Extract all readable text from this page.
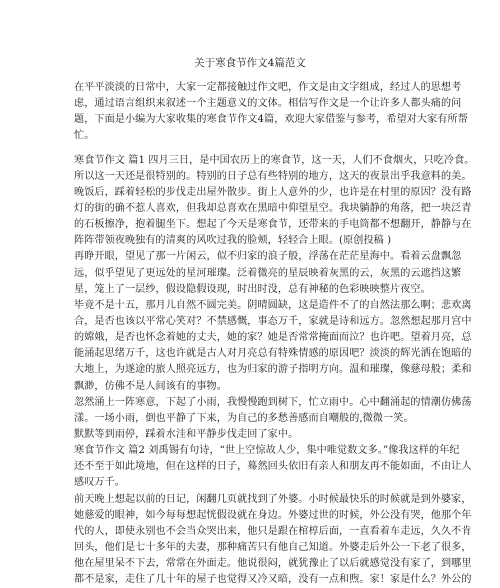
关于寒食节作文4篇范文
在平平淡淡的日常中，大家一定都接触过作文吧，作文是由文字组成，经过人的思想考
虑，通过语言组织来叙述一个主题意义的文体。相信写作文是一个让许多人都头痛的问
题，下面是小编为大家收集的寒食节作文4篇，欢迎大家借鉴与参考，希望对大家有所帮
忙。
寒食节作文 篇1 四月三日，是中国农历上的寒食节，这一天，人们不食烟火，只吃冷食。
所以这一天还是很特别的。特别的日子总有些特别的地方，这天的夜景出乎我意料的美。
晚饭后，踩着轻松的步伐走出屋外散步。街上人意外的少，也许是在村里的原因？没有路
灯的街的确不惹人喜欢，但我却总喜欢在黑暗中仰望星空。我块躺静的角落，把一块泛青
的石板擦净，抱着腿坐下。想起了今天是寒食节，还带来的手电筒都不想翻开，静静与在
阵阵带领夜晚独有的清爽的风吹过我的脸颊，轻轻合上眼。(原创投稿 )
再睁开眼，望见了那一片闲云，似不归家的浪子般，浮荡在茫茫星海中。看着云盘飘忽
远，似乎望见了更远处的星河璀璨。泛着微亮的星辰映着灰黑的云，灰黑的云遮挡这繁
星，笼上了一层纱，假设隐假设现，时出时没，总有神秘的色彩映映整片夜空。
毕竟不是十五，那月儿自然不圆完美。阴晴圆缺，这是造件不了的自然法那么啊；悲欢离
合，是否也该以平常心笑对？不禁感慨，事态万千，家就是诗和远方。忽然想起那月宫中
的嫦娥，是否也怀念着她的丈夫，她的家？她是否常常掩面而泣？也许吧。望着月亮，总
能涌起思绪万千，这也许就是古人对月亮总有特殊情感的原因吧？淡淡的辉光洒在饱暗的
大地上，为遂途的旅人照亮远方，也为归家的游子指明方向。温和璀璨，像慈母般；柔和
飘渺，仿佛不是人间该有的事物。
忽然涌上一阵寒意，下起了小雨，我慢慢跑到树下，忙立雨中。心中翻涌起的情潮仿佛荡
漾。一场小雨，倒也平静了下来，为自己的多愁善感而自嘲般的,微微一笑。
默默等到雨停，踩着水洼和平静步伐走回了家中。
寒食节作文 篇2 刘禹锡有句诗，“世上空惊故人少，集中唯觉数文多。”像我这样的年纪
还不至于如此境地，但在这样的日子，蓦然回头依旧有亲人和朋友再不能如面，不由让人
感叹万千。
前天晚上想起以前的日记，闲翻几页就找到了外婆。小时候最快乐的时候就是到外婆家，
她慈爱的眼神，如今每每想起恍假设就在身边。外婆过世的时候，外公没有哭，他那个年
代的人，即使永别也不会当众哭出来，他只是跟在棺椁后面，一直看着车走远，久久不肯
回头，他们是七十多年的夫妻，那种痛苦只有他自己知道。外婆走后外公一下老了很多，
他在屋里呆不下去，常常在外面走。他说很闷，就犹豫止了以后就感觉没有家了，到哪里
都不是家，走住了几十年的屋子也觉得又冷又暗，没有一点和煦。家！家是什么？外公的
